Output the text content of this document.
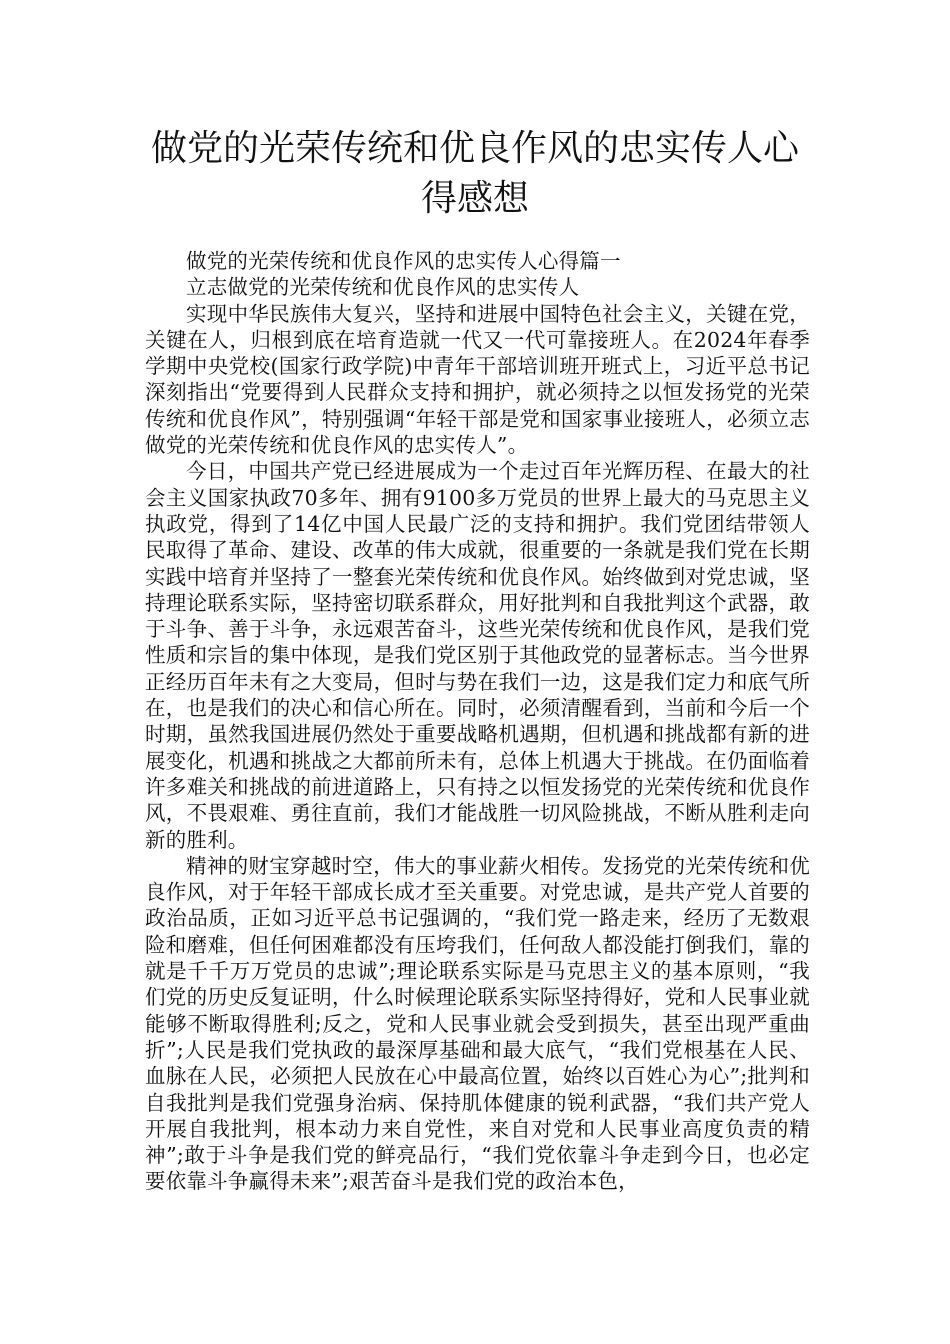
做党的光荣传统和优良作风的忠实传人心
得感想

做党的光荣传统和优良作风的忠实传人心得篇一

立志做党的光荣传统和优良作风的忠实传人

实现中华民族伟大复兴，坚持和进展中国特色社会主义，关键在党，关键在人，归根到底在培育造就一代又一代可靠接班人。在2024年春季学期中央党校(国家行政学院)中青年干部培训班开班式上，习近平总书记深刻指出“党要得到人民群众支持和拥护，就必须持之以恒发扬党的光荣传统和优良作风”，特别强调“年轻干部是党和国家事业接班人，必须立志做党的光荣传统和优良作风的忠实传人”。

今日，中国共产党已经进展成为一个走过百年光辉历程、在最大的社会主义国家执政70多年、拥有9100多万党员的世界上最大的马克思主义执政党，得到了14亿中国人民最广泛的支持和拥护。我们党团结带领人民取得了革命、建设、改革的伟大成就，很重要的一条就是我们党在长期实践中培育并坚持了一整套光荣传统和优良作风。始终做到对党忠诚，坚持理论联系实际，坚持密切联系群众，用好批判和自我批判这个武器，敢于斗争、善于斗争，永远艰苦奋斗，这些光荣传统和优良作风，是我们党性质和宗旨的集中体现，是我们党区别于其他政党的显著标志。当今世界正经历百年未有之大变局，但时与势在我们一边，这是我们定力和底气所在，也是我们的决心和信心所在。同时，必须清醒看到，当前和今后一个时期，虽然我国进展仍然处于重要战略机遇期，但机遇和挑战都有新的进展变化，机遇和挑战之大都前所未有，总体上机遇大于挑战。在仍面临着许多难关和挑战的前进道路上，只有持之以恒发扬党的光荣传统和优良作风，不畏艰难、勇往直前，我们才能战胜一切风险挑战，不断从胜利走向新的胜利。

精神的财宝穿越时空，伟大的事业薪火相传。发扬党的光荣传统和优良作风，对于年轻干部成长成才至关重要。对党忠诚，是共产党人首要的政治品质，正如习近平总书记强调的，“我们党一路走来，经历了无数艰险和磨难，但任何困难都没有压垮我们，任何敌人都没能打倒我们，靠的就是千千万万党员的忠诚”;理论联系实际是马克思主义的基本原则，“我们党的历史反复证明，什么时候理论联系实际坚持得好，党和人民事业就能够不断取得胜利;反之，党和人民事业就会受到损失，甚至出现严重曲折”;人民是我们党执政的最深厚基础和最大底气，“我们党根基在人民、血脉在人民，必须把人民放在心中最高位置，始终以百姓心为心”;批判和自我批判是我们党强身治病、保持肌体健康的锐利武器，“我们共产党人开展自我批判，根本动力来自党性，来自对党和人民事业高度负责的精神”;敢于斗争是我们党的鲜亮品行，“我们党依靠斗争走到今日，也必定要依靠斗争赢得未来”;艰苦奋斗是我们党的政治本色，
